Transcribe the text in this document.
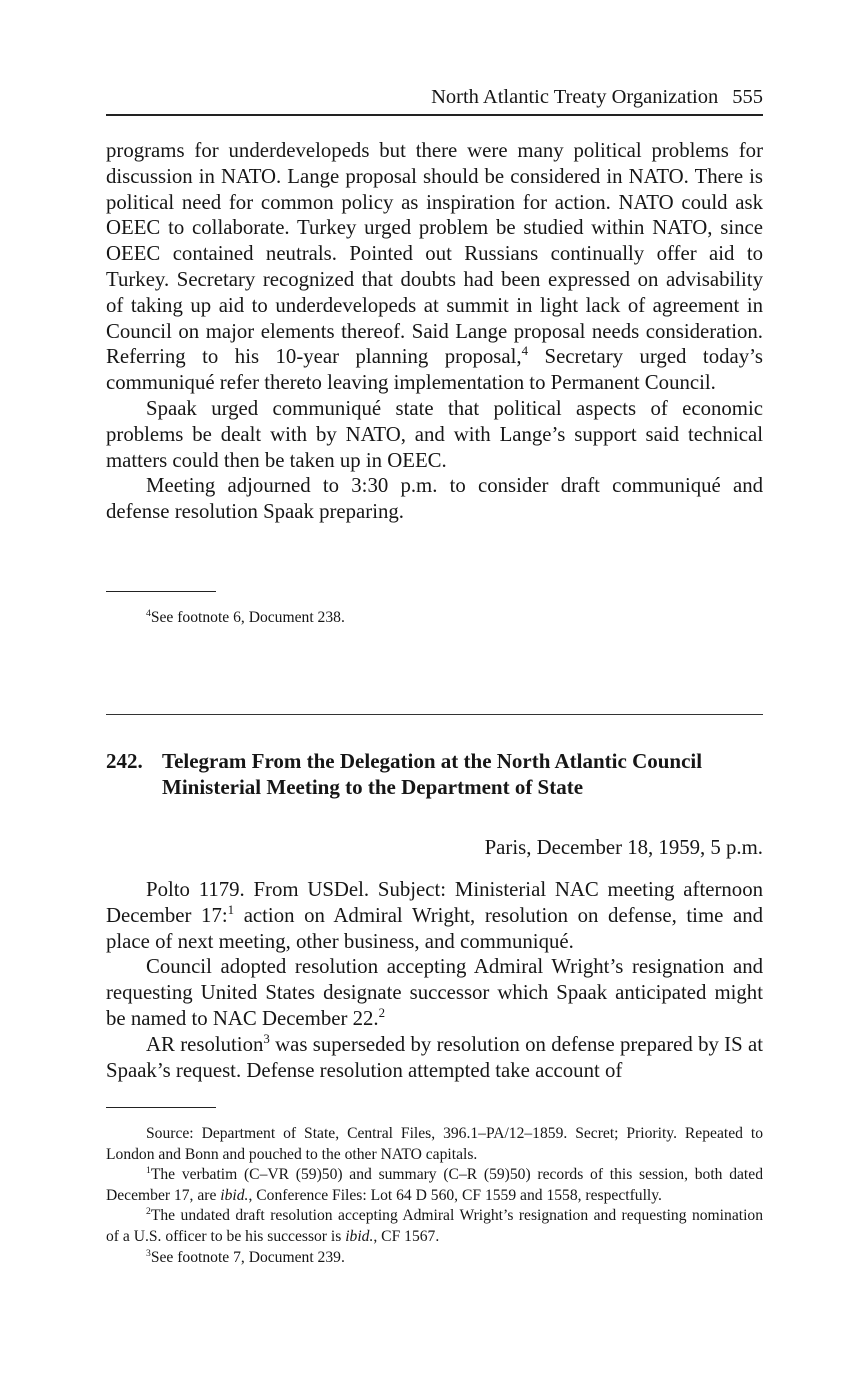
North Atlantic Treaty Organization 555

programs for underdevelopeds but there were many political problems for discussion in NATO. Lange proposal should be considered in NATO. There is political need for common policy as inspiration for action. NATO could ask OEEC to collaborate. Turkey urged problem be studied within NATO, since OEEC contained neutrals. Pointed out Russians continually offer aid to Turkey. Secretary recognized that doubts had been expressed on advisability of taking up aid to underdevelopeds at summit in light lack of agreement in Council on major elements thereof. Said Lange proposal needs consideration. Referring to his 10-year planning proposal,$^4$ Secretary urged today’s communiqué refer thereto leaving implementation to Permanent Council.

Spaak urged communiqué state that political aspects of economic problems be dealt with by NATO, and with Lange’s support said technical matters could then be taken up in OEEC.

Meeting adjourned to 3:30 p.m. to consider draft communiqué and defense resolution Spaak preparing.

$^4$See footnote 6, Document 238.

242. Telegram From the Delegation at the North Atlantic Council Ministerial Meeting to the Department of State
Paris, December 18, 1959, 5 p.m.

Polto 1179. From USDel. Subject: Ministerial NAC meeting afternoon December 17:$^1$ action on Admiral Wright, resolution on defense, time and place of next meeting, other business, and communiqué.

Council adopted resolution accepting Admiral Wright’s resignation and requesting United States designate successor which Spaak anticipated might be named to NAC December 22.$^2$

AR resolution$^3$ was superseded by resolution on defense prepared by IS at Spaak’s request. Defense resolution attempted take account of

Source: Department of State, Central Files, 396.1–PA/12–1859. Secret; Priority. Repeated to London and Bonn and pouched to the other NATO capitals.

$^1$The verbatim (C–VR (59)50) and summary (C–R (59)50) records of this session, both dated December 17, are ibid., Conference Files: Lot 64 D 560, CF 1559 and 1558, respectfully.

$^2$The undated draft resolution accepting Admiral Wright’s resignation and requesting nomination of a U.S. officer to be his successor is ibid., CF 1567.

$^3$See footnote 7, Document 239.
